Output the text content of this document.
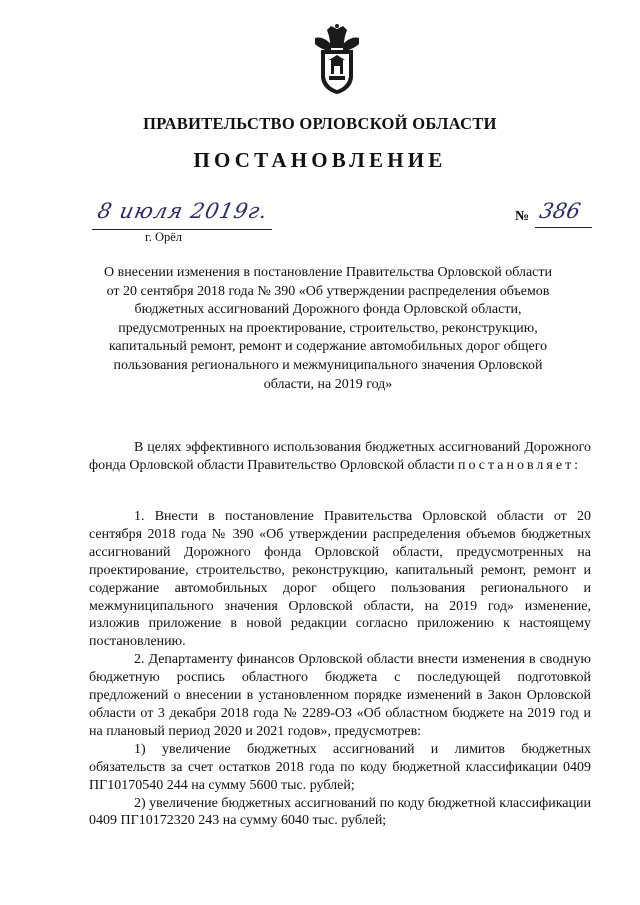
ПРАВИТЕЛЬСТВО ОРЛОВСКОЙ ОБЛАСТИ
ПОСТАНОВЛЕНИЕ
8 июля 2019г.
г. Орёл
№ 386
О внесении изменения в постановление Правительства Орловской области от 20 сентября 2018 года № 390 «Об утверждении распределения объемов бюджетных ассигнований Дорожного фонда Орловской области, предусмотренных на проектирование, строительство, реконструкцию, капитальный ремонт, ремонт и содержание автомобильных дорог общего пользования регионального и межмуниципального значения Орловской области, на 2019 год»

В целях эффективного использования бюджетных ассигнований Дорожного фонда Орловской области Правительство Орловской области постановляет:

1. Внести в постановление Правительства Орловской области от 20 сентября 2018 года № 390 «Об утверждении распределения объемов бюджетных ассигнований Дорожного фонда Орловской области, предусмотренных на проектирование, строительство, реконструкцию, капитальный ремонт, ремонт и содержание автомобильных дорог общего пользования регионального и межмуниципального значения Орловской области, на 2019 год» изменение, изложив приложение в новой редакции согласно приложению к настоящему постановлению.

2. Департаменту финансов Орловской области внести изменения в сводную бюджетную роспись областного бюджета с последующей подготовкой предложений о внесении в установленном порядке изменений в Закон Орловской области от 3 декабря 2018 года № 2289-ОЗ «Об областном бюджете на 2019 год и на плановый период 2020 и 2021 годов», предусмотрев:

1) увеличение бюджетных ассигнований и лимитов бюджетных обязательств за счет остатков 2018 года по коду бюджетной классификации 0409 ПГ10170540 244 на сумму 5600 тыс. рублей;

2) увеличение бюджетных ассигнований по коду бюджетной классификации 0409 ПГ10172320 243 на сумму 6040 тыс. рублей;
